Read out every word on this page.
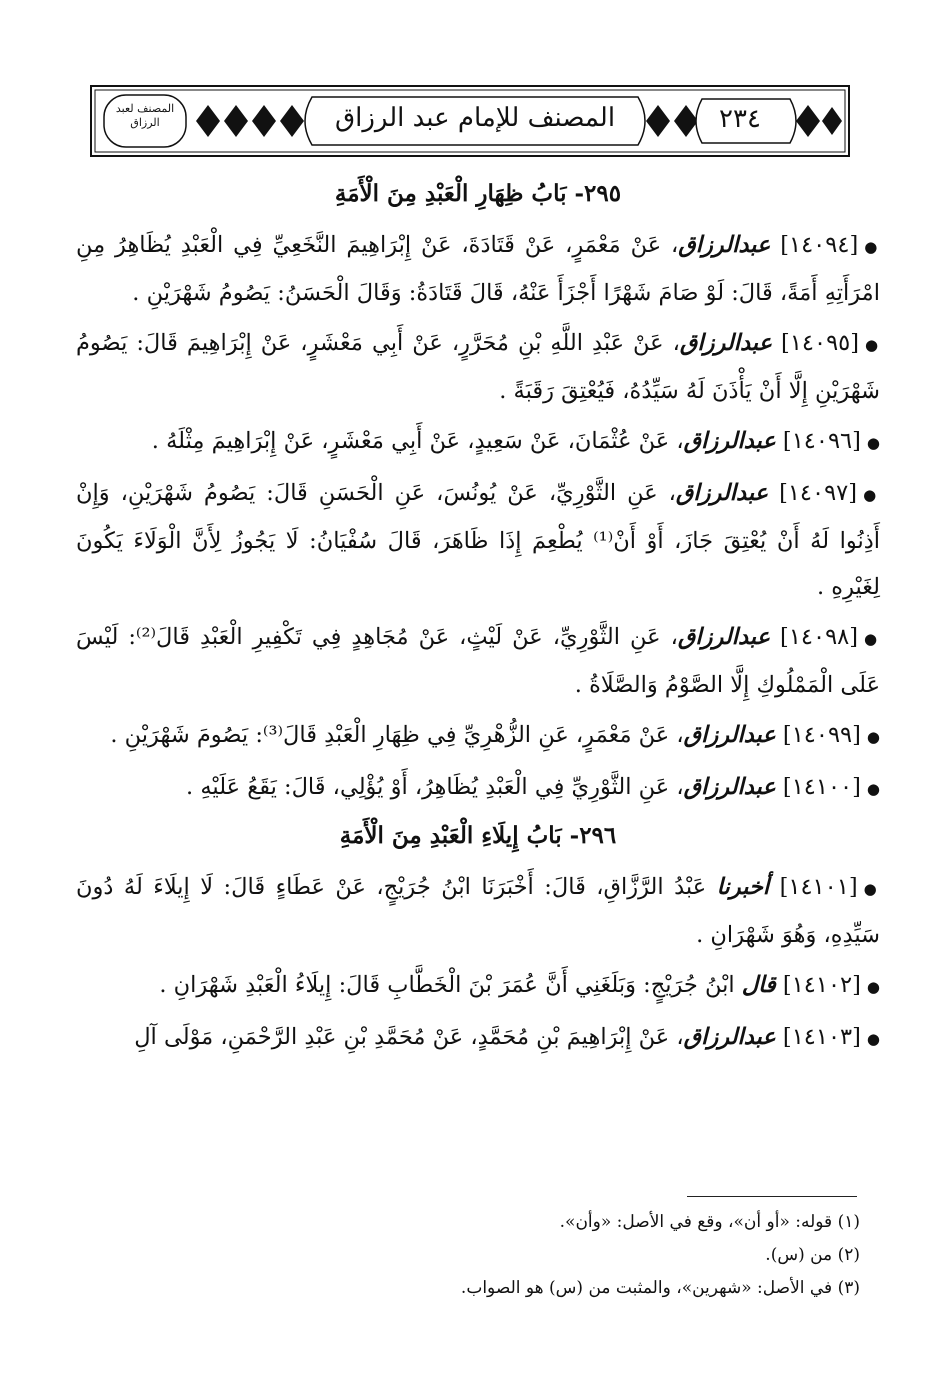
المصنف للإمام عبد الرزاق	٢٣٤
المصنف لعبد الرزاق
٢٩٥- بَابُ ظِهَارِ الْعَبْدِ مِنَ الْأَمَةِ
●[١٤٠٩٤] عبدالرزاق، عَنْ مَعْمَرٍ، عَنْ قَتَادَةَ، عَنْ إِبْرَاهِيمَ النَّخَعِيِّ فِي الْعَبْدِ يُظَاهِرُ مِنِ امْرَأَتِهِ أَمَةً، قَالَ: لَوْ صَامَ شَهْرًا أَجْزَأَ عَنْهُ، قَالَ قَتَادَةُ: وَقَالَ الْحَسَنُ: يَصُومُ شَهْرَيْنِ .
●[١٤٠٩٥] عبدالرزاق، عَنْ عَبْدِ اللَّهِ بْنِ مُحَرَّرٍ، عَنْ أَبِي مَعْشَرٍ، عَنْ إِبْرَاهِيمَ قَالَ: يَصُومُ شَهْرَيْنِ إِلَّا أَنْ يَأْذَنَ لَهُ سَيِّدُهُ، فَيُعْتِقَ رَقَبَةً .
●[١٤٠٩٦] عبدالرزاق، عَنْ عُثْمَانَ، عَنْ سَعِيدٍ، عَنْ أَبِي مَعْشَرٍ، عَنْ إِبْرَاهِيمَ مِثْلَهُ .
●[١٤٠٩٧] عبدالرزاق، عَنِ الثَّوْرِيِّ، عَنْ يُونُسَ، عَنِ الْحَسَنِ قَالَ: يَصُومُ شَهْرَيْنِ، وَإِنْ أَذِنُوا لَهُ أَنْ يُعْتِقَ جَازَ، أَوْ أَنْ⁽¹⁾ يُطْعِمَ إِذَا ظَاهَرَ، قَالَ سُفْيَانُ: لَا يَجُوزُ لِأَنَّ الْوَلَاءَ يَكُونَ لِغَيْرِهِ .
●[١٤٠٩٨] عبدالرزاق، عَنِ الثَّوْرِيِّ، عَنْ لَيْثٍ، عَنْ مُجَاهِدٍ فِي تَكْفِيرِ الْعَبْدِ قَالَ⁽²⁾: لَيْسَ عَلَى الْمَمْلُوكِ إِلَّا الصَّوْمُ وَالصَّلَاةُ .
●[١٤٠٩٩] عبدالرزاق، عَنْ مَعْمَرٍ، عَنِ الزُّهْرِيِّ فِي ظِهَارِ الْعَبْدِ قَالَ⁽³⁾: يَصُومَ شَهْرَيْنِ .
●[١٤١٠٠] عبدالرزاق، عَنِ الثَّوْرِيِّ فِي الْعَبْدِ يُظَاهِرُ، أَوْ يُؤْلِي، قَالَ: يَقَعُ عَلَيْهِ .
٢٩٦- بَابُ إِيلَاءِ الْعَبْدِ مِنَ الْأَمَةِ
●[١٤١٠١] أخبرنا عَبْدُ الرَّزَّاقِ، قَالَ: أَخْبَرَنَا ابْنُ جُرَيْجٍ، عَنْ عَطَاءٍ قَالَ: لَا إِيلَاءَ لَهُ دُونَ سَيِّدِهِ، وَهُوَ شَهْرَانِ .
●[١٤١٠٢] قال ابْنُ جُرَيْجٍ: وَبَلَغَنِي أَنَّ عُمَرَ بْنَ الْخَطَّابِ قَالَ: إِيلَاءُ الْعَبْدِ شَهْرَانِ .
●[١٤١٠٣] عبدالرزاق، عَنْ إِبْرَاهِيمَ بْنِ مُحَمَّدٍ، عَنْ مُحَمَّدِ بْنِ عَبْدِ الرَّحْمَنِ، مَوْلَى آلِ
(١) قوله: «أو أن»، وقع في الأصل: «وأن».
(٢) من (س).
(٣) في الأصل: «شهرين»، والمثبت من (س) هو الصواب.
